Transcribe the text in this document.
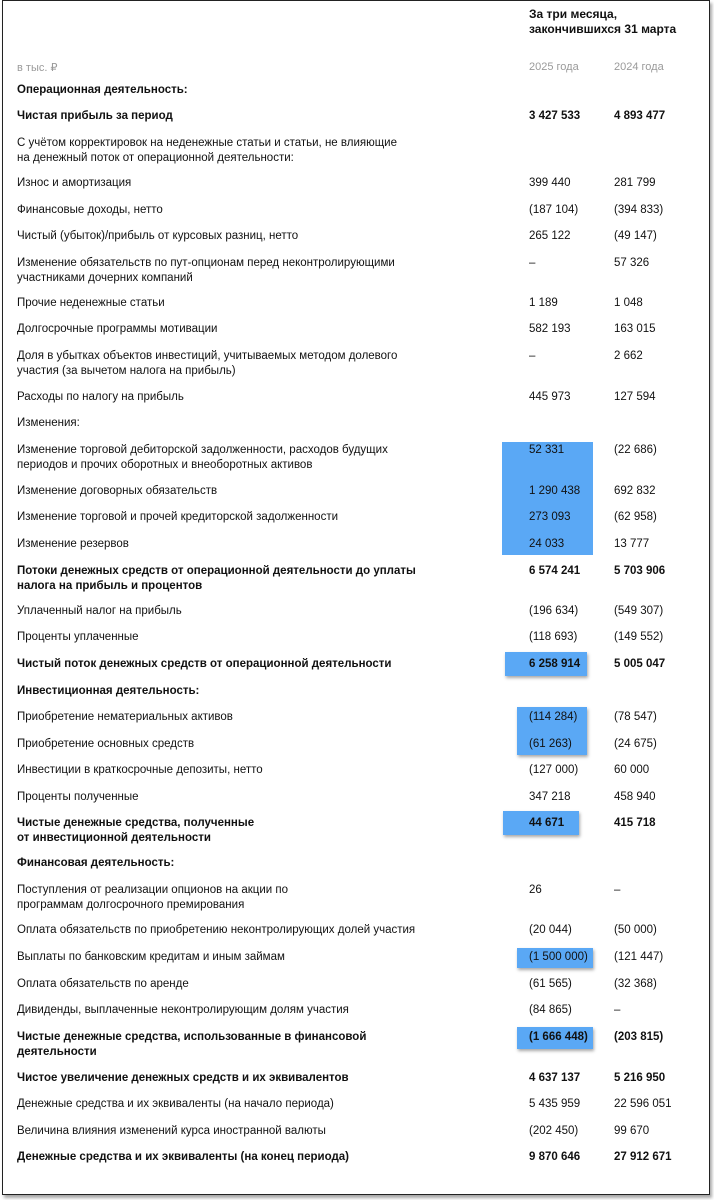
За три месяца, закончившихся 31 марта
в тыс. ₽	2025 года	2024 года
Операционная деятельность:
Чистая прибыль за период	3 427 533	4 893 477
С учётом корректировок на неденежные статьи и статьи, не влияющие на денежный поток от операционной деятельности:
Износ и амортизация	399 440	281 799
Финансовые доходы, нетто	(187 104)	(394 833)
Чистый (убыток)/прибыль от курсовых разниц, нетто	265 122	(49 147)
Изменение обязательств по пут-опционам перед неконтролирующими участниками дочерних компаний
–	57 326
Прочие неденежные статьи	1 189	1 048
Долгосрочные программы мотивации	582 193	163 015
Доля в убытках объектов инвестиций, учитываемых методом долевого участия (за вычетом налога на прибыль)
–	2 662
Расходы по налогу на прибыль	445 973	127 594
Изменения:
Изменение торговой дебиторской задолженности, расходов будущих периодов и прочих оборотных и внеоборотных активов
52 331	(22 686)
Изменение договорных обязательств	1 290 438	692 832
Изменение торговой и прочей кредиторской задолженности	273 093	(62 958)
Изменение резервов	24 033	13 777
Потоки денежных средств от операционной деятельности до уплаты налога на прибыль и процентов
6 574 241	5 703 906
Уплаченный налог на прибыль	(196 634)	(549 307)
Проценты уплаченные	(118 693)	(149 552)
Чистый поток денежных средств от операционной деятельности	6 258 914	5 005 047
Инвестиционная деятельность:
Приобретение нематериальных активов	(114 284)	(78 547)
Приобретение основных средств	(61 263)	(24 675)
Инвестиции в краткосрочные депозиты, нетто	(127 000)	60 000
Проценты полученные	347 218	458 940
Чистые денежные средства, полученные от инвестиционной деятельности
44 671	415 718
Финансовая деятельность:
Поступления от реализации опционов на акции по программам долгосрочного премирования
26	–
Оплата обязательств по приобретению неконтролирующих долей участия	(20 044)	(50 000)
Выплаты по банковским кредитам и иным займам	(1 500 000) (121 447)
Оплата обязательств по аренде	(61 565)	(32 368)
Дивиденды, выплаченные неконтролирующим долям участия	(84 865)	–
Чистые денежные средства, использованные в финансовой деятельности
(1 666 448) (203 815)
Чистое увеличение денежных средств и их эквивалентов	4 637 137	5 216 950
Денежные средства и их эквиваленты (на начало периода)	5 435 959	22 596 051
Величина влияния изменений курса иностранной валюты	(202 450)	99 670
Денежные средства и их эквиваленты (на конец периода)	9 870 646	27 912 671
